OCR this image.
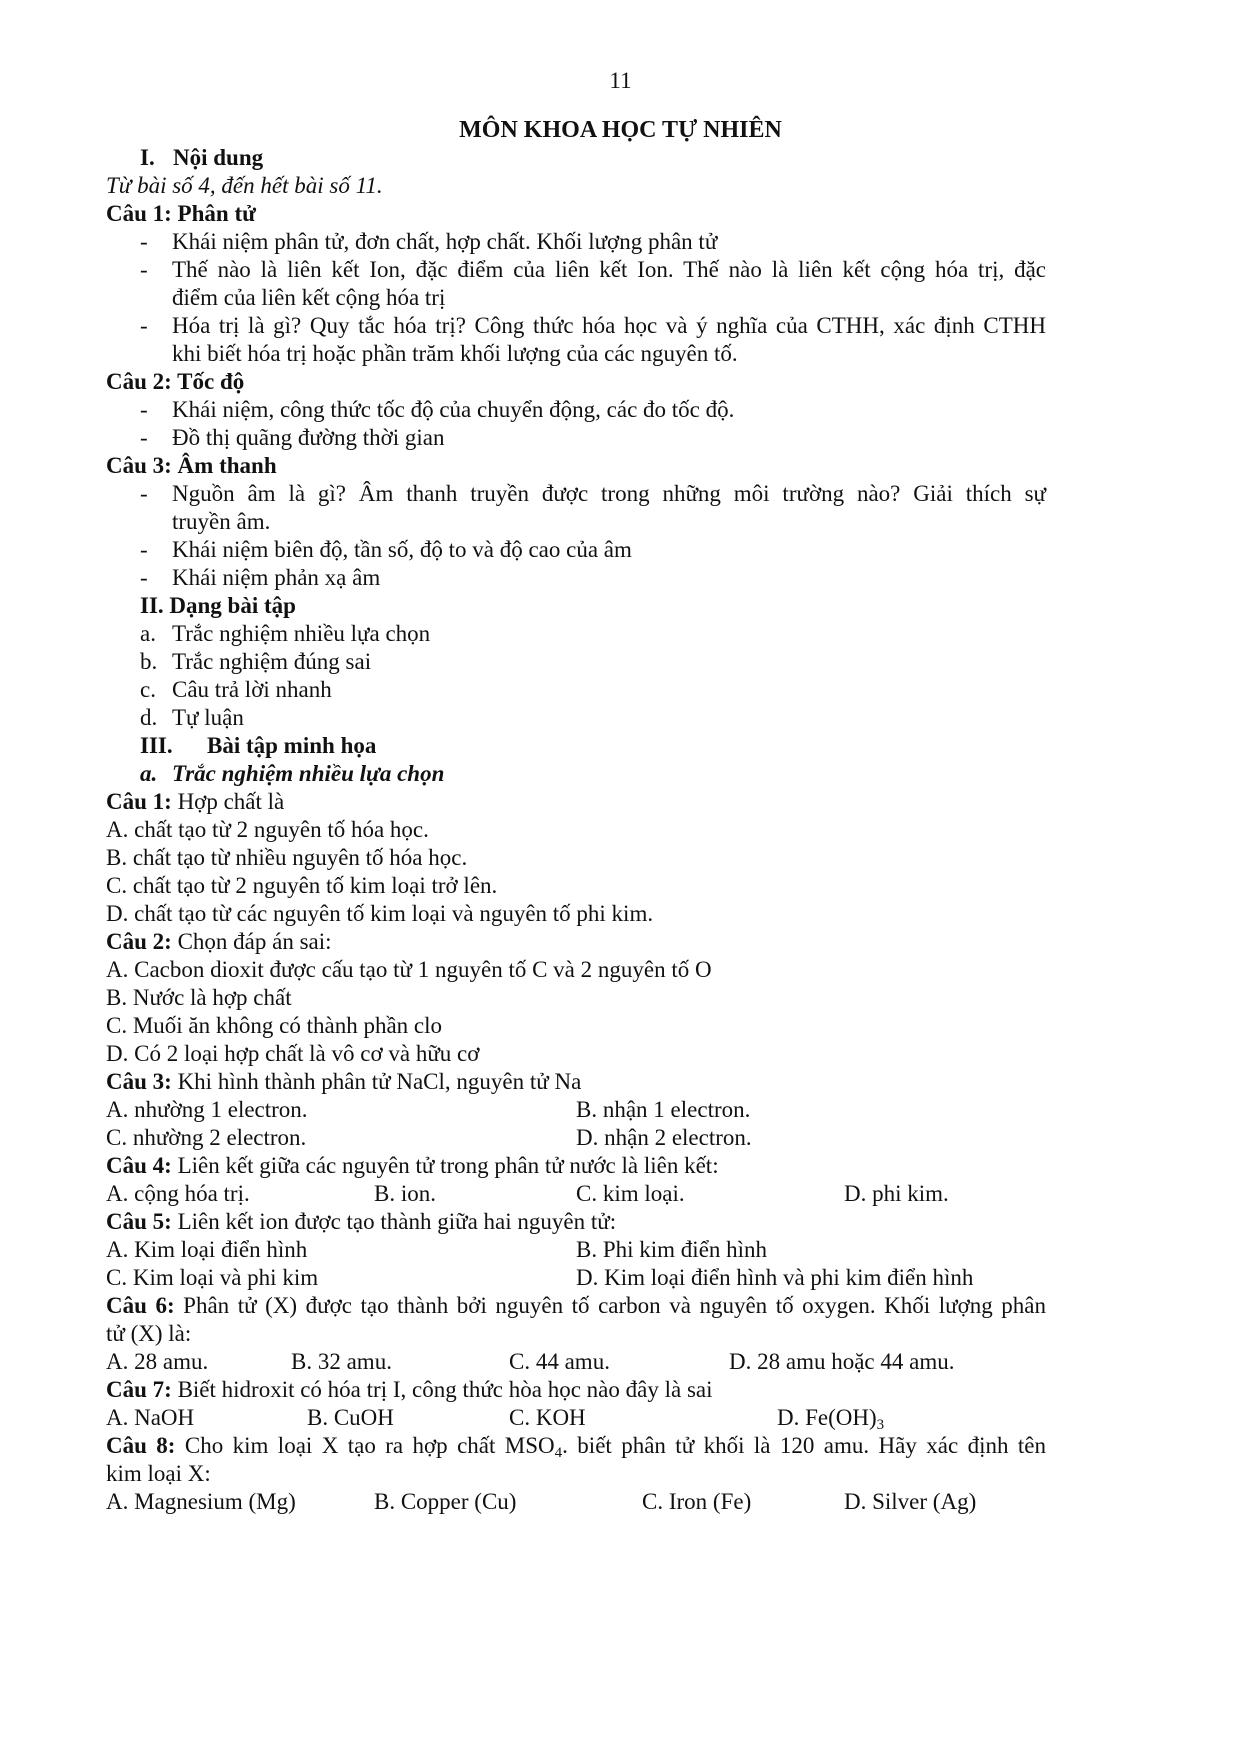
11
MÔN KHOA HỌC TỰ NHIÊN
I. Nội dung
Từ bài số 4, đến hết bài số 11.
Câu 1: Phân tử
- Khái niệm phân tử, đơn chất, hợp chất. Khối lượng phân tử
- Thế nào là liên kết Ion, đặc điểm của liên kết Ion. Thế nào là liên kết cộng hóa trị, đặc
điểm của liên kết cộng hóa trị
- Hóa trị là gì? Quy tắc hóa trị? Công thức hóa học và ý nghĩa của CTHH, xác định CTHH
khi biết hóa trị hoặc phần trăm khối lượng của các nguyên tố.
Câu 2: Tốc độ
- Khái niệm, công thức tốc độ của chuyển động, các đo tốc độ.
- Đồ thị quãng đường thời gian
Câu 3: Âm thanh
- Nguồn âm là gì? Âm thanh truyền được trong những môi trường nào? Giải thích sự
truyền âm.
- Khái niệm biên độ, tần số, độ to và độ cao của âm
- Khái niệm phản xạ âm
II. Dạng bài tập
a. Trắc nghiệm nhiều lựa chọn
b. Trắc nghiệm đúng sai
c. Câu trả lời nhanh
d. Tự luận
III. Bài tập minh họa
a. Trắc nghiệm nhiều lựa chọn
Câu 1: Hợp chất là
A. chất tạo từ 2 nguyên tố hóa học.
B. chất tạo từ nhiều nguyên tố hóa học.
C. chất tạo từ 2 nguyên tố kim loại trở lên.
D. chất tạo từ các nguyên tố kim loại và nguyên tố phi kim.
Câu 2: Chọn đáp án sai:
A. Cacbon dioxit được cấu tạo từ 1 nguyên tố C và 2 nguyên tố O
B. Nước là hợp chất
C. Muối ăn không có thành phần clo
D. Có 2 loại hợp chất là vô cơ và hữu cơ
Câu 3: Khi hình thành phân tử NaCl, nguyên tử Na
A. nhường 1 electron.	B. nhận 1 electron.
C. nhường 2 electron.	D. nhận 2 electron.
Câu 4: Liên kết giữa các nguyên tử trong phân tử nước là liên kết:
A. cộng hóa trị.	B. ion.	C. kim loại.	D. phi kim.
Câu 5: Liên kết ion được tạo thành giữa hai nguyên tử:
A. Kim loại điển hình	B. Phi kim điển hình
C. Kim loại và phi kim	D. Kim loại điển hình và phi kim điển hình
Câu 6: Phân tử (X) được tạo thành bởi nguyên tố carbon và nguyên tố oxygen. Khối lượng phân
tử (X) là:
A. 28 amu.	B. 32 amu.	C. 44 amu.	D. 28 amu hoặc 44 amu.
Câu 7: Biết hidroxit có hóa trị I, công thức hòa học nào đây là sai
A. NaOH	B. CuOH	C. KOH	D. $Fe(OH)_3$
Câu 8: Cho kim loại X tạo ra hợp chất $MSO_4$. biết phân tử khối là 120 amu. Hãy xác định tên
kim loại X:
A. Magnesium (Mg)	B. Copper (Cu)	C. Iron (Fe)	D. Silver (Ag)
